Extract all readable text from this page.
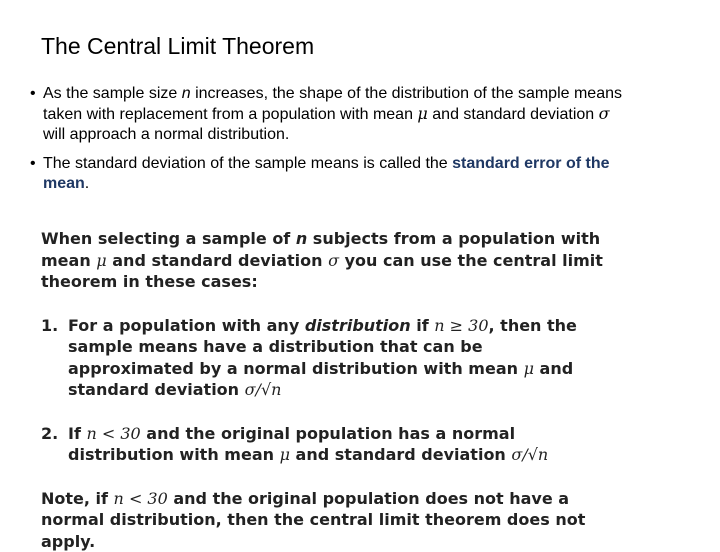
The Central Limit Theorem
• As the sample size n increases, the shape of the distribution of the sample means taken with replacement from a population with mean μ and standard deviation σ will approach a normal distribution.
• The standard deviation of the sample means is called the standard error of the mean.

When selecting a sample of n subjects from a population with mean μ and standard deviation σ you can use the central limit theorem in these cases:

1. For a population with any distribution if n ≥ 30, then the sample means have a distribution that can be approximated by a normal distribution with mean μ and standard deviation σ/√n

2. If n < 30 and the original population has a normal distribution with mean μ and standard deviation σ/√n

Note, if n < 30 and the original population does not have a normal distribution, then the central limit theorem does not apply.
